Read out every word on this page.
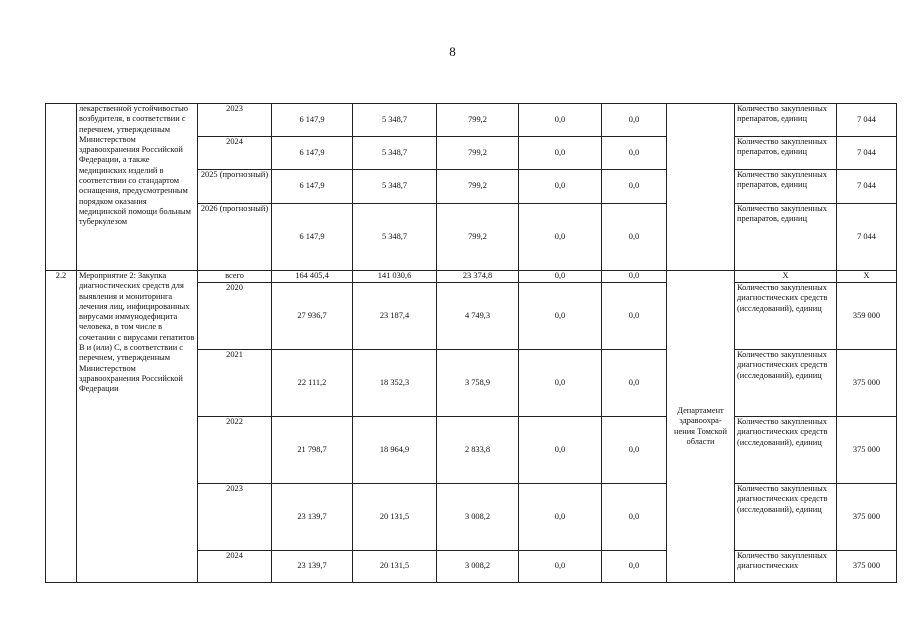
8
	лекарственной устойчивостью возбудителя, в соответствии с перечнем, утвержденным Министерством здравоохранения Российской Федерации, а также медицинских изделий в соответствии со стандартом оснащения, предусмотренным порядком оказания медицинской помощи больным туберкулезом	2023	6 147,9	5 348,7	799,2	0,0	0,0		Количество закупленных препаратов, единиц	7 044
		2024	6 147,9	5 348,7	799,2	0,0	0,0		Количество закупленных препаратов, единиц	7 044
		2025 (прогнозный)	6 147,9	5 348,7	799,2	0,0	0,0		Количество закупленных препаратов, единиц	7 044
		2026 (прогнозный)	6 147,9	5 348,7	799,2	0,0	0,0		Количество закупленных препаратов, единиц	7 044
2.2	Мероприятие 2: Закупка диагностических средств для выявления и мониторинга лечения лиц, инфицированных вирусами иммунодефицита человека, в том числе в сочетании с вирусами гепатитов B и (или) C, в соответствии с перечнем, утвержденным Министерством здравоохранения Российской Федерации	всего	164 405,4	141 030,6	23 374,8	0,0	0,0	Департамент здравоохра-нения Томской области	Х	Х
		2020	27 936,7	23 187,4	4 749,3	0,0	0,0		Количество закупленных диагностических средств (исследований), единиц	359 000
		2021	22 111,2	18 352,3	3 758,9	0,0	0,0		Количество закупленных диагностических средств (исследований), единиц	375 000
		2022	21 798,7	18 964,9	2 833,8	0,0	0,0		Количество закупленных диагностических средств (исследований), единиц	375 000
		2023	23 139,7	20 131,5	3 008,2	0,0	0,0		Количество закупленных диагностических средств (исследований), единиц	375 000
		2024	23 139,7	20 131,5	3 008,2	0,0	0,0		Количество закупленных диагностических	375 000
